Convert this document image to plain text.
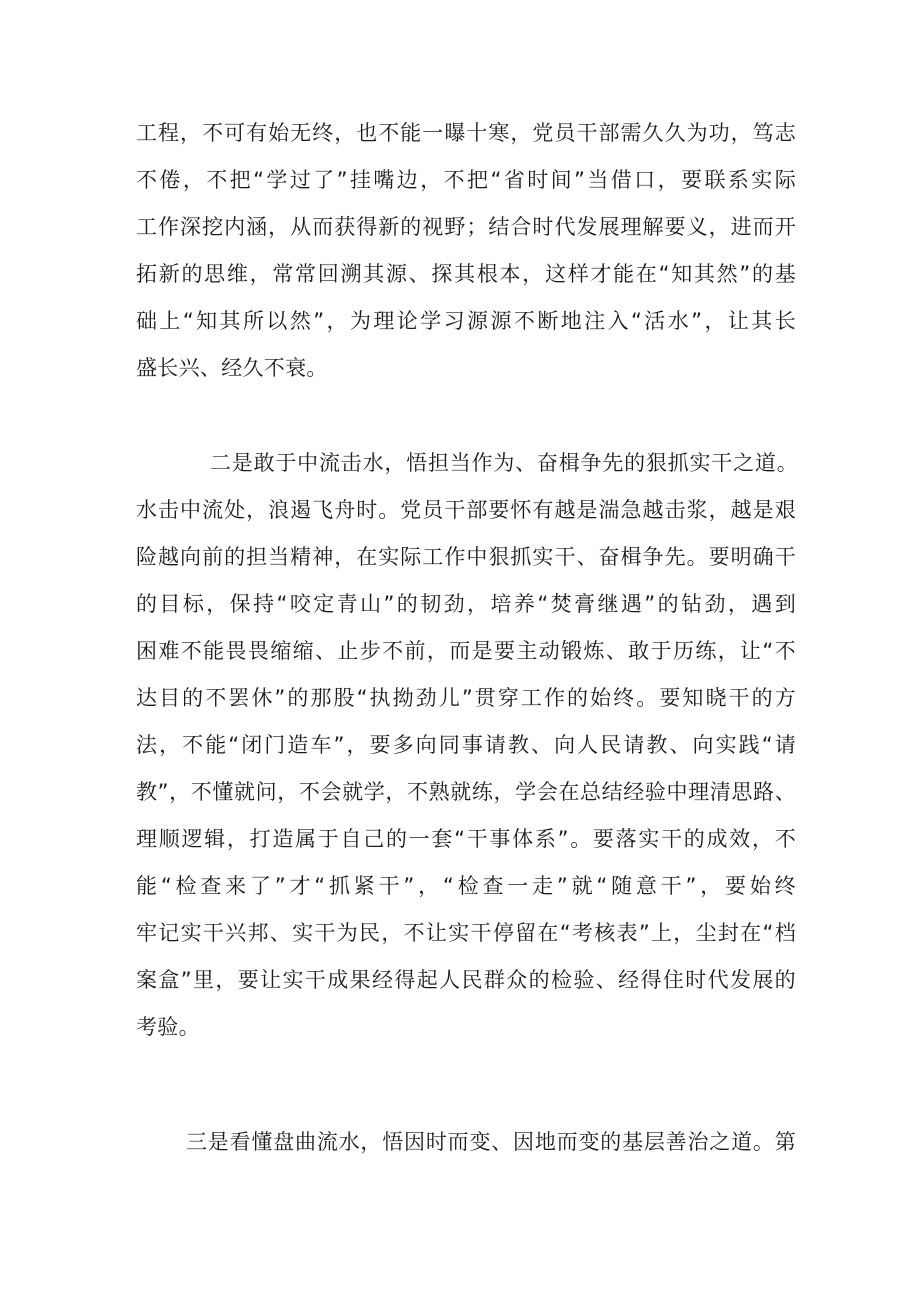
工程，不可有始无终，也不能一曝十寒，党员干部需久久为功，笃志
不倦，不把“学过了”挂嘴边，不把“省时间”当借口，要联系实际
工作深挖内涵，从而获得新的视野；结合时代发展理解要义，进而开
拓新的思维，常常回溯其源、探其根本，这样才能在“知其然”的基
础上“知其所以然”，为理论学习源源不断地注入“活水”，让其长
盛长兴、经久不衰。
二是敢于中流击水，悟担当作为、奋楫争先的狠抓实干之道。
水击中流处，浪遏飞舟时。党员干部要怀有越是湍急越击浆，越是艰
险越向前的担当精神，在实际工作中狠抓实干、奋楫争先。要明确干
的目标，保持“咬定青山”的韧劲，培养“焚膏继遇”的钻劲，遇到
困难不能畏畏缩缩、止步不前，而是要主动锻炼、敢于历练，让“不
达目的不罢休”的那股“执拗劲儿”贯穿工作的始终。要知晓干的方
法，不能“闭门造车”，要多向同事请教、向人民请教、向实践“请
教”，不懂就问，不会就学，不熟就练，学会在总结经验中理清思路、
理顺逻辑，打造属于自己的一套“干事体系”。要落实干的成效，不
能“检查来了”才“抓紧干”，“检查一走”就“随意干”，要始终
牢记实干兴邦、实干为民，不让实干停留在“考核表”上，尘封在“档
案盒”里，要让实干成果经得起人民群众的检验、经得住时代发展的
考验。
三是看懂盘曲流水，悟因时而变、因地而变的基层善治之道。第
